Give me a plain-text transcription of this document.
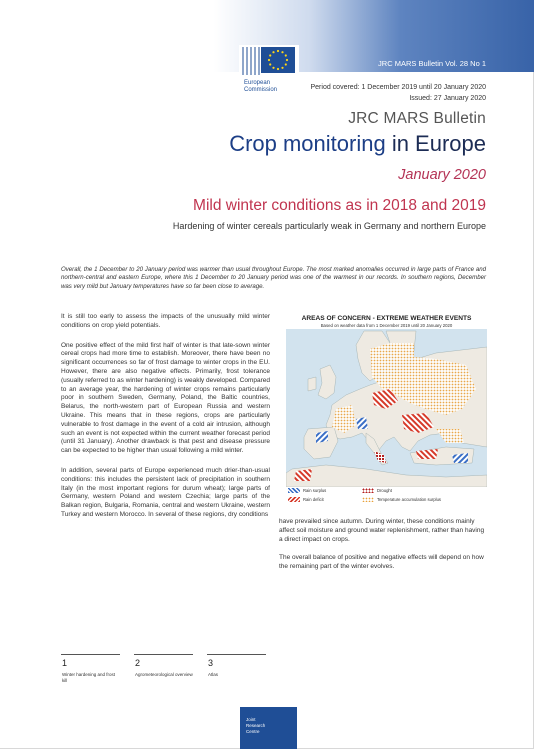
European
Commission
JRC MARS Bulletin Vol. 28 No 1
Period covered: 1 December 2019 until 20 January 2020
Issued: 27 January 2020
JRC MARS Bulletin
Crop monitoring in Europe
January 2020
Mild winter conditions as in 2018 and 2019
Hardening of winter cereals particularly weak in Germany and northern Europe
Overall, the 1 December to 20 January period was warmer than usual throughout Europe. The most marked anomalies occurred in large parts of France and northern-central and eastern Europe, where this 1 December to 20 January period was one of the warmest in our records. In southern regions, December was very mild but January temperatures have so far been close to average.

It is still too early to assess the impacts of the unusually mild winter conditions on crop yield potentials.

One positive effect of the mild first half of winter is that late-sown winter cereal crops had more time to establish. Moreover, there have been no significant occurrences so far of frost damage to winter crops in the EU. However, there are also negative effects. Primarily, frost tolerance (usually referred to as winter hardening) is weakly developed. Compared to an average year, the hardening of winter crops remains particularly poor in southern Sweden, Germany, Poland, the Baltic countries, Belarus, the north-western part of European Russia and western Ukraine. This means that in these regions, crops are particularly vulnerable to frost damage in the event of a cold air intrusion, although such an event is not expected within the current weather forecast period (until 31 January). Another drawback is that pest and disease pressure can be expected to be higher than usual following a mild winter.

In addition, several parts of Europe experienced much drier-than-usual conditions: this includes the persistent lack of precipitation in southern Italy (in the most important regions for durum wheat); large parts of Germany, western Poland and western Czechia; large parts of the Balkan region, Bulgaria, Romania, central and western Ukraine, western Turkey and western Morocco. In several of these regions, dry conditions

AREAS OF CONCERN - EXTREME WEATHER EVENTS
Based on weather data from 1 December 2019 until 20 January 2020
Rain surplus
Rain deficit
Drought
Temperature accumulation surplus

have prevailed since autumn. During winter, these conditions mainly affect soil moisture and ground water replenishment, rather than having a direct impact on crops.

The overall balance of positive and negative effects will depend on how the remaining part of the winter evolves.

1
Winter hardening and frost kill
2
Agrometeorological overview
3
Atlas
Joint
Research
Centre
